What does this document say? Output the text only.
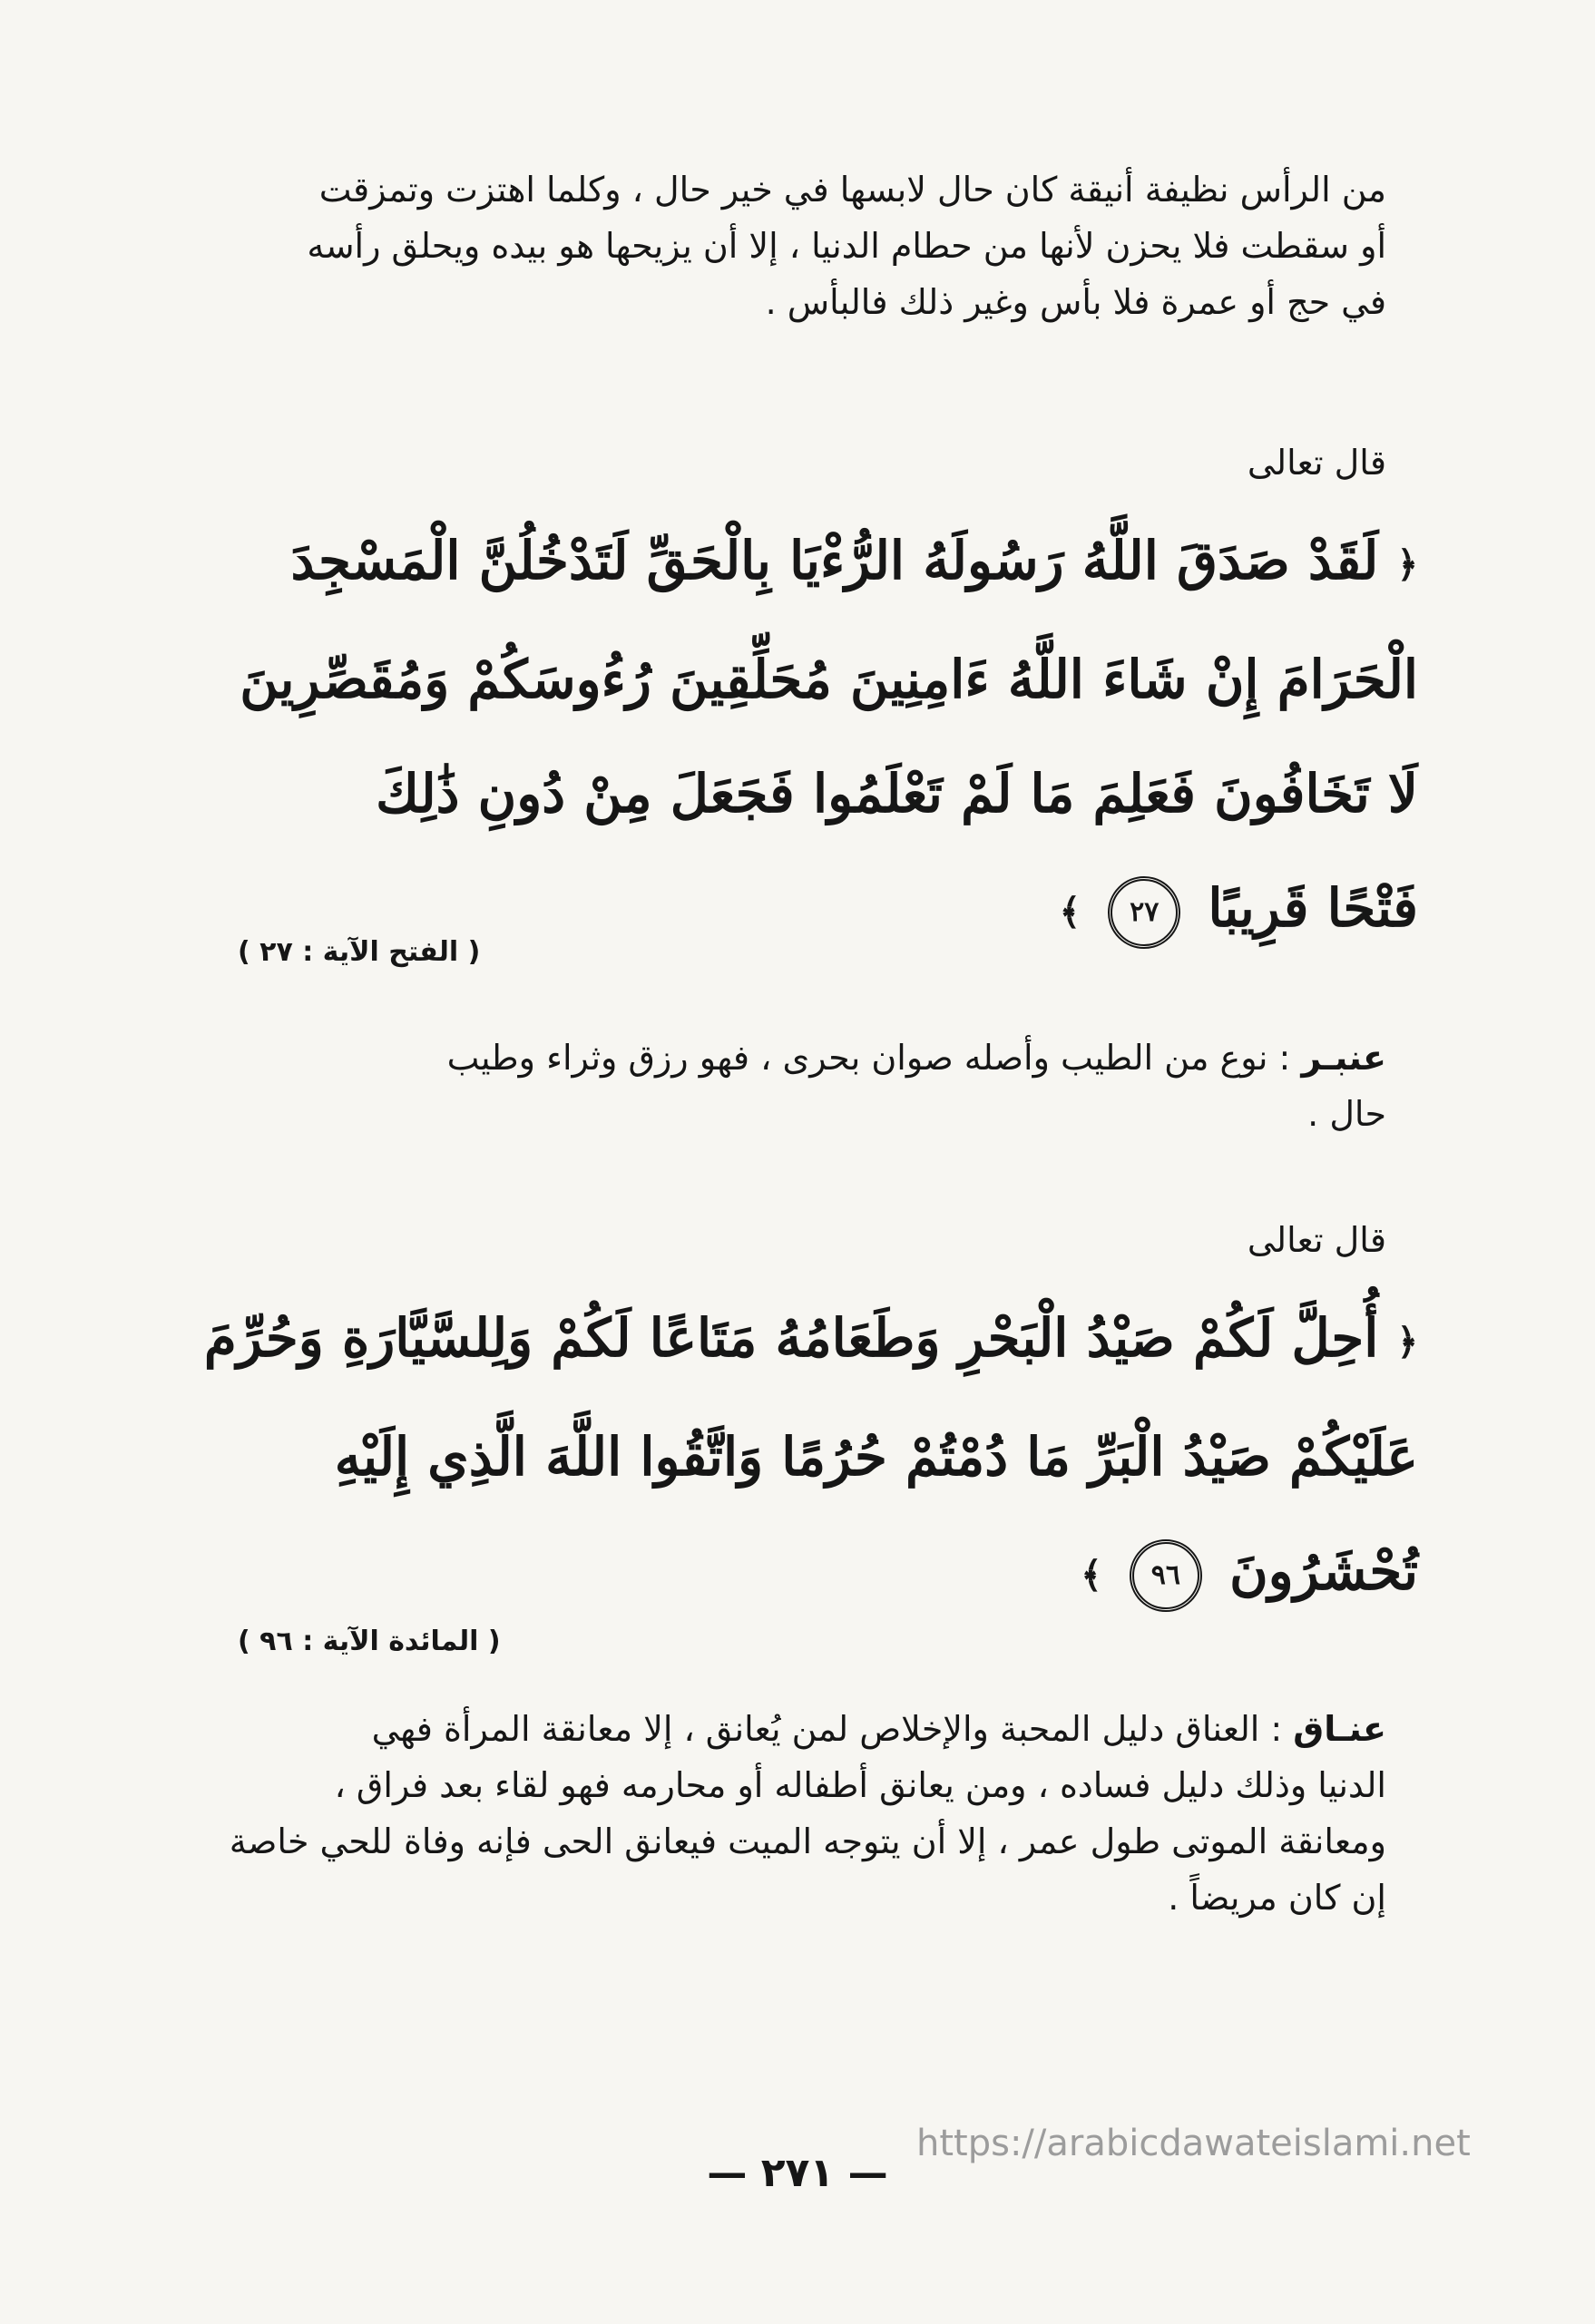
من الرأس نظيفة أنيقة كان حال لابسها في خير حال ، وكلما اهتزت وتمزقت
أو سقطت فلا يحزن لأنها من حطام الدنيا ، إلا أن يزيحها هو بيده ويحلق رأسه
في حج أو عمرة فلا بأس وغير ذلك فالبأس .
قال تعالى
﴿ لَقَدْ صَدَقَ اللَّهُ رَسُولَهُ الرُّءْيَا بِالْحَقِّ لَتَدْخُلُنَّ الْمَسْجِدَ
الْحَرَامَ إِنْ شَاءَ اللَّهُ ءَامِنِينَ مُحَلِّقِينَ رُءُوسَكُمْ وَمُقَصِّرِينَ
لَا تَخَافُونَ فَعَلِمَ مَا لَمْ تَعْلَمُوا فَجَعَلَ مِنْ دُونِ ذَٰلِكَ
فَتْحًا قَرِيبًا ٢٧ ﴾
( الفتح الآية : ٢٧ )
عنبـر : نوع من الطيب وأصله صوان بحرى ، فهو رزق وثراء وطيب
حال .
قال تعالى
﴿ أُحِلَّ لَكُمْ صَيْدُ الْبَحْرِ وَطَعَامُهُ مَتَاعًا لَكُمْ وَلِلسَّيَّارَةِ وَحُرِّمَ
عَلَيْكُمْ صَيْدُ الْبَرِّ مَا دُمْتُمْ حُرُمًا وَاتَّقُوا اللَّهَ الَّذِي إِلَيْهِ
تُحْشَرُونَ ٩٦ ﴾
( المائدة الآية : ٩٦ )
عنـاق : العناق دليل المحبة والإخلاص لمن يُعانق ، إلا معانقة المرأة فهي
الدنيا وذلك دليل فساده ، ومن يعانق أطفاله أو محارمه فهو لقاء بعد فراق ،
ومعانقة الموتى طول عمر ، إلا أن يتوجه الميت فيعانق الحى فإنه وفاة للحي خاصة
إن كان مريضاً .
— ٢٧١ —
https://arabicdawateislami.net
